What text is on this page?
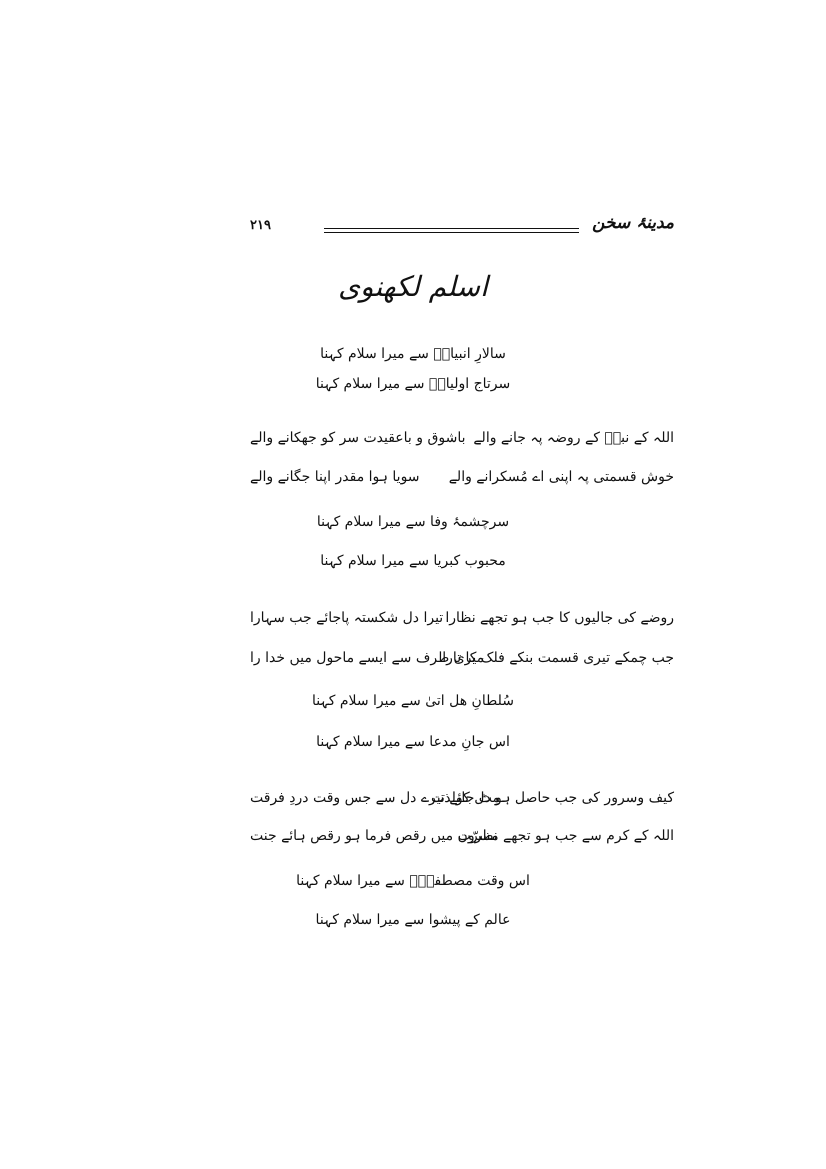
۲۱۹	مدینۂ سخن
اسلم لکھنوی
سالارِ انبیاءؐ سے میرا سلام کہنا
سرتاج اولیاءؐ سے میرا سلام کہنا
اللہ کے نبیؐ کے روضہ پہ جانے والے
باشوق و باعقیدت سر کو جھکانے والے
خوش قسمتی پہ اپنی اے مُسکرانے والے
سویا ہوا مقدر اپنا جگانے والے
سرچشمۂ وفا سے میرا سلام کہنا
محبوب کبریا سے میرا سلام کہنا
روضے کی جالیوں کا جب ہو تجھے نظارا
تیرا دل شکستہ پاجائے جب سہارا
جب چمکے تیری قسمت بنکے فلک کا تارا
میری طرف سے ایسے ماحول میں خدا را
سُلطانِ ھل اتیٰ سے میرا سلام کہنا
اس جانِ مدعا سے میرا سلام کہنا
کیف وسرور کی جب حاصل ہو دل کولذت
مِٹ جائے تیرے دل سے جس وقت دردِ فرقت
اللہ کے کرم سے جب ہو تجھے مسرّت
نظروں میں رقص فرما ہو رقص ہائے جنت
اس وقت مصطفیٰؐ سے میرا سلام کہنا
عالم کے پیشوا سے میرا سلام کہنا
